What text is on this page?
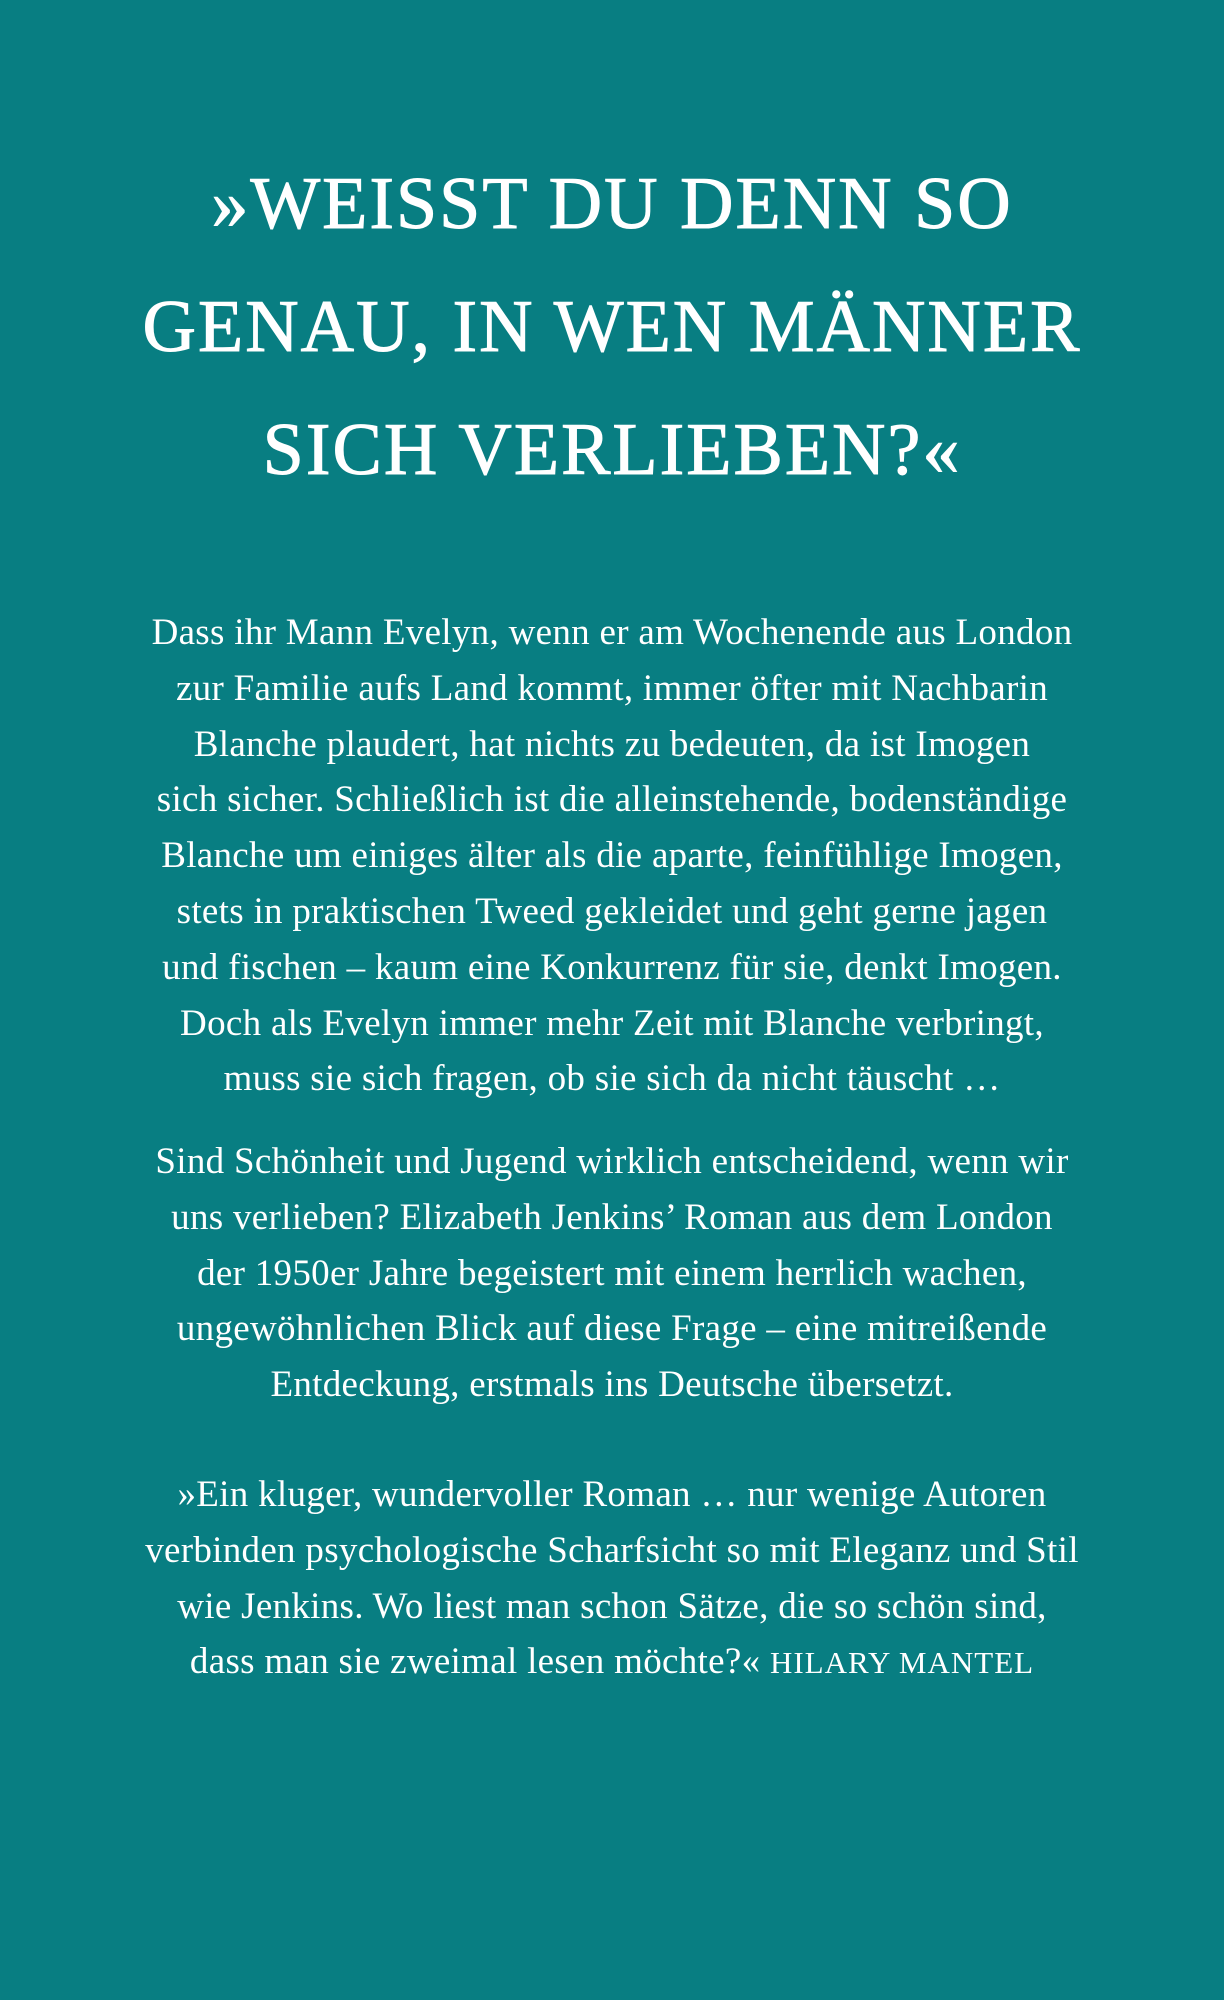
»WEISST DU DENN SO
GENAU, IN WEN MÄNNER
SICH VERLIEBEN?«

Dass ihr Mann Evelyn, wenn er am Wochenende aus London
zur Familie aufs Land kommt, immer öfter mit Nachbarin
Blanche plaudert, hat nichts zu bedeuten, da ist Imogen
sich sicher. Schließlich ist die alleinstehende, bodenständige
Blanche um einiges älter als die aparte, feinfühlige Imogen,
stets in praktischen Tweed gekleidet und geht gerne jagen
und fischen – kaum eine Konkurrenz für sie, denkt Imogen.
Doch als Evelyn immer mehr Zeit mit Blanche verbringt,
muss sie sich fragen, ob sie sich da nicht täuscht …

Sind Schönheit und Jugend wirklich entscheidend, wenn wir
uns verlieben? Elizabeth Jenkins’ Roman aus dem London
der 1950er Jahre begeistert mit einem herrlich wachen,
ungewöhnlichen Blick auf diese Frage – eine mitreißende
Entdeckung, erstmals ins Deutsche übersetzt.

»Ein kluger, wundervoller Roman … nur wenige Autoren
verbinden psychologische Scharfsicht so mit Eleganz und Stil
wie Jenkins. Wo liest man schon Sätze, die so schön sind,
dass man sie zweimal lesen möchte?« HILARY MANTEL
